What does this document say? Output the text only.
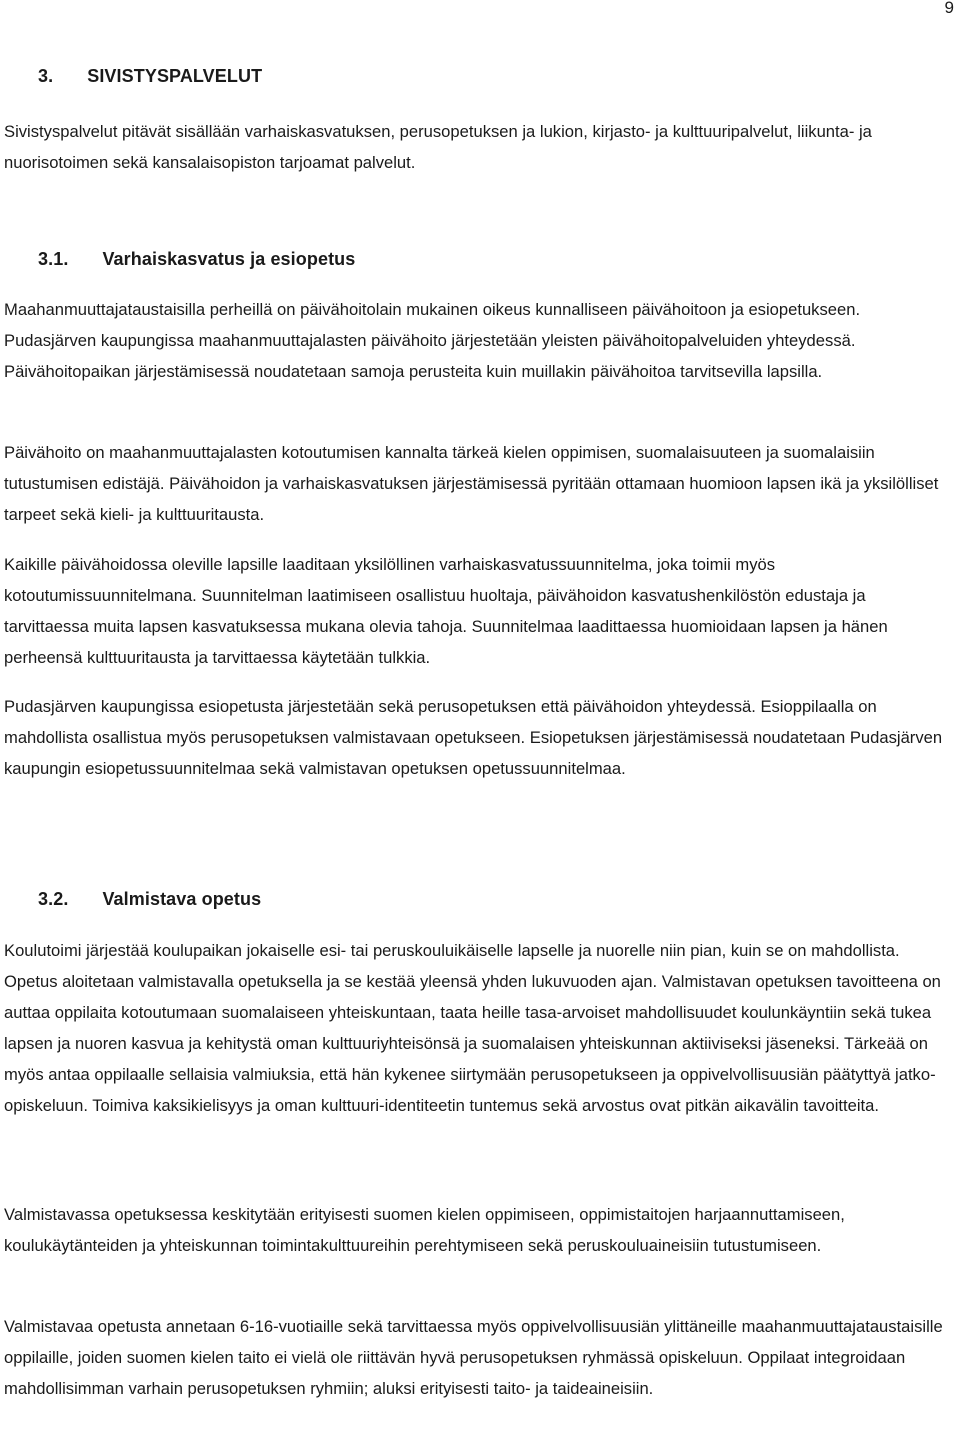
9
3. SIVISTYSPALVELUT

Sivistyspalvelut pitävät sisällään varhaiskasvatuksen, perusopetuksen ja lukion, kirjasto- ja kulttuuripalvelut, liikunta- ja nuorisotoimen sekä kansalaisopiston tarjoamat palvelut.

3.1. Varhaiskasvatus ja esiopetus

Maahanmuuttajataustaisilla perheillä on päivähoitolain mukainen oikeus kunnalliseen päivähoitoon ja esiopetukseen. Pudasjärven kaupungissa maahanmuuttajalasten päivähoito järjestetään yleisten päivähoitopalveluiden yhteydessä. Päivähoitopaikan järjestämisessä noudatetaan samoja perusteita kuin muillakin päivähoitoa tarvitsevilla lapsilla.

Päivähoito on maahanmuuttajalasten kotoutumisen kannalta tärkeä kielen oppimisen, suomalaisuuteen ja suomalaisiin tutustumisen edistäjä. Päivähoidon ja varhaiskasvatuksen järjestämisessä pyritään ottamaan huomioon lapsen ikä ja yksilölliset tarpeet sekä kieli- ja kulttuuritausta.

Kaikille päivähoidossa oleville lapsille laaditaan yksilöllinen varhaiskasvatussuunnitelma, joka toimii myös kotoutumissuunnitelmana. Suunnitelman laatimiseen osallistuu huoltaja, päivähoidon kasvatushenkilöstön edustaja ja tarvittaessa muita lapsen kasvatuksessa mukana olevia tahoja. Suunnitelmaa laadittaessa huomioidaan lapsen ja hänen perheensä kulttuuritausta ja tarvittaessa käytetään tulkkia.

Pudasjärven kaupungissa esiopetusta järjestetään sekä perusopetuksen että päivähoidon yhteydessä. Esioppilaalla on mahdollista osallistua myös perusopetuksen valmistavaan opetukseen. Esiopetuksen järjestämisessä noudatetaan Pudasjärven kaupungin esiopetussuunnitelmaa sekä valmistavan opetuksen opetussuunnitelmaa.

3.2. Valmistava opetus

Koulutoimi järjestää koulupaikan jokaiselle esi- tai peruskouluikäiselle lapselle ja nuorelle niin pian, kuin se on mahdollista. Opetus aloitetaan valmistavalla opetuksella ja se kestää yleensä yhden lukuvuoden ajan. Valmistavan opetuksen tavoitteena on auttaa oppilaita kotoutumaan suomalaiseen yhteiskuntaan, taata heille tasa-arvoiset mahdollisuudet koulunkäyntiin sekä tukea lapsen ja nuoren kasvua ja kehitystä oman kulttuuriyhteisönsä ja suomalaisen yhteiskunnan aktiiviseksi jäseneksi. Tärkeää on myös antaa oppilaalle sellaisia valmiuksia, että hän kykenee siirtymään perusopetukseen ja oppivelvollisuusiän päätyttyä jatko-opiskeluun. Toimiva kaksikielisyys ja oman kulttuuri-identiteetin tuntemus sekä arvostus ovat pitkän aikavälin tavoitteita.

Valmistavassa opetuksessa keskitytään erityisesti suomen kielen oppimiseen, oppimistaitojen harjaannuttamiseen, koulukäytänteiden ja yhteiskunnan toimintakulttuureihin perehtymiseen sekä peruskouluaineisiin tutustumiseen.

Valmistavaa opetusta annetaan 6-16-vuotiaille sekä tarvittaessa myös oppivelvollisuusiän ylittäneille maahanmuuttajataustaisille oppilaille, joiden suomen kielen taito ei vielä ole riittävän hyvä perusopetuksen ryhmässä opiskeluun. Oppilaat integroidaan mahdollisimman varhain perusopetuksen ryhmiin; aluksi erityisesti taito- ja taideaineisiin.
